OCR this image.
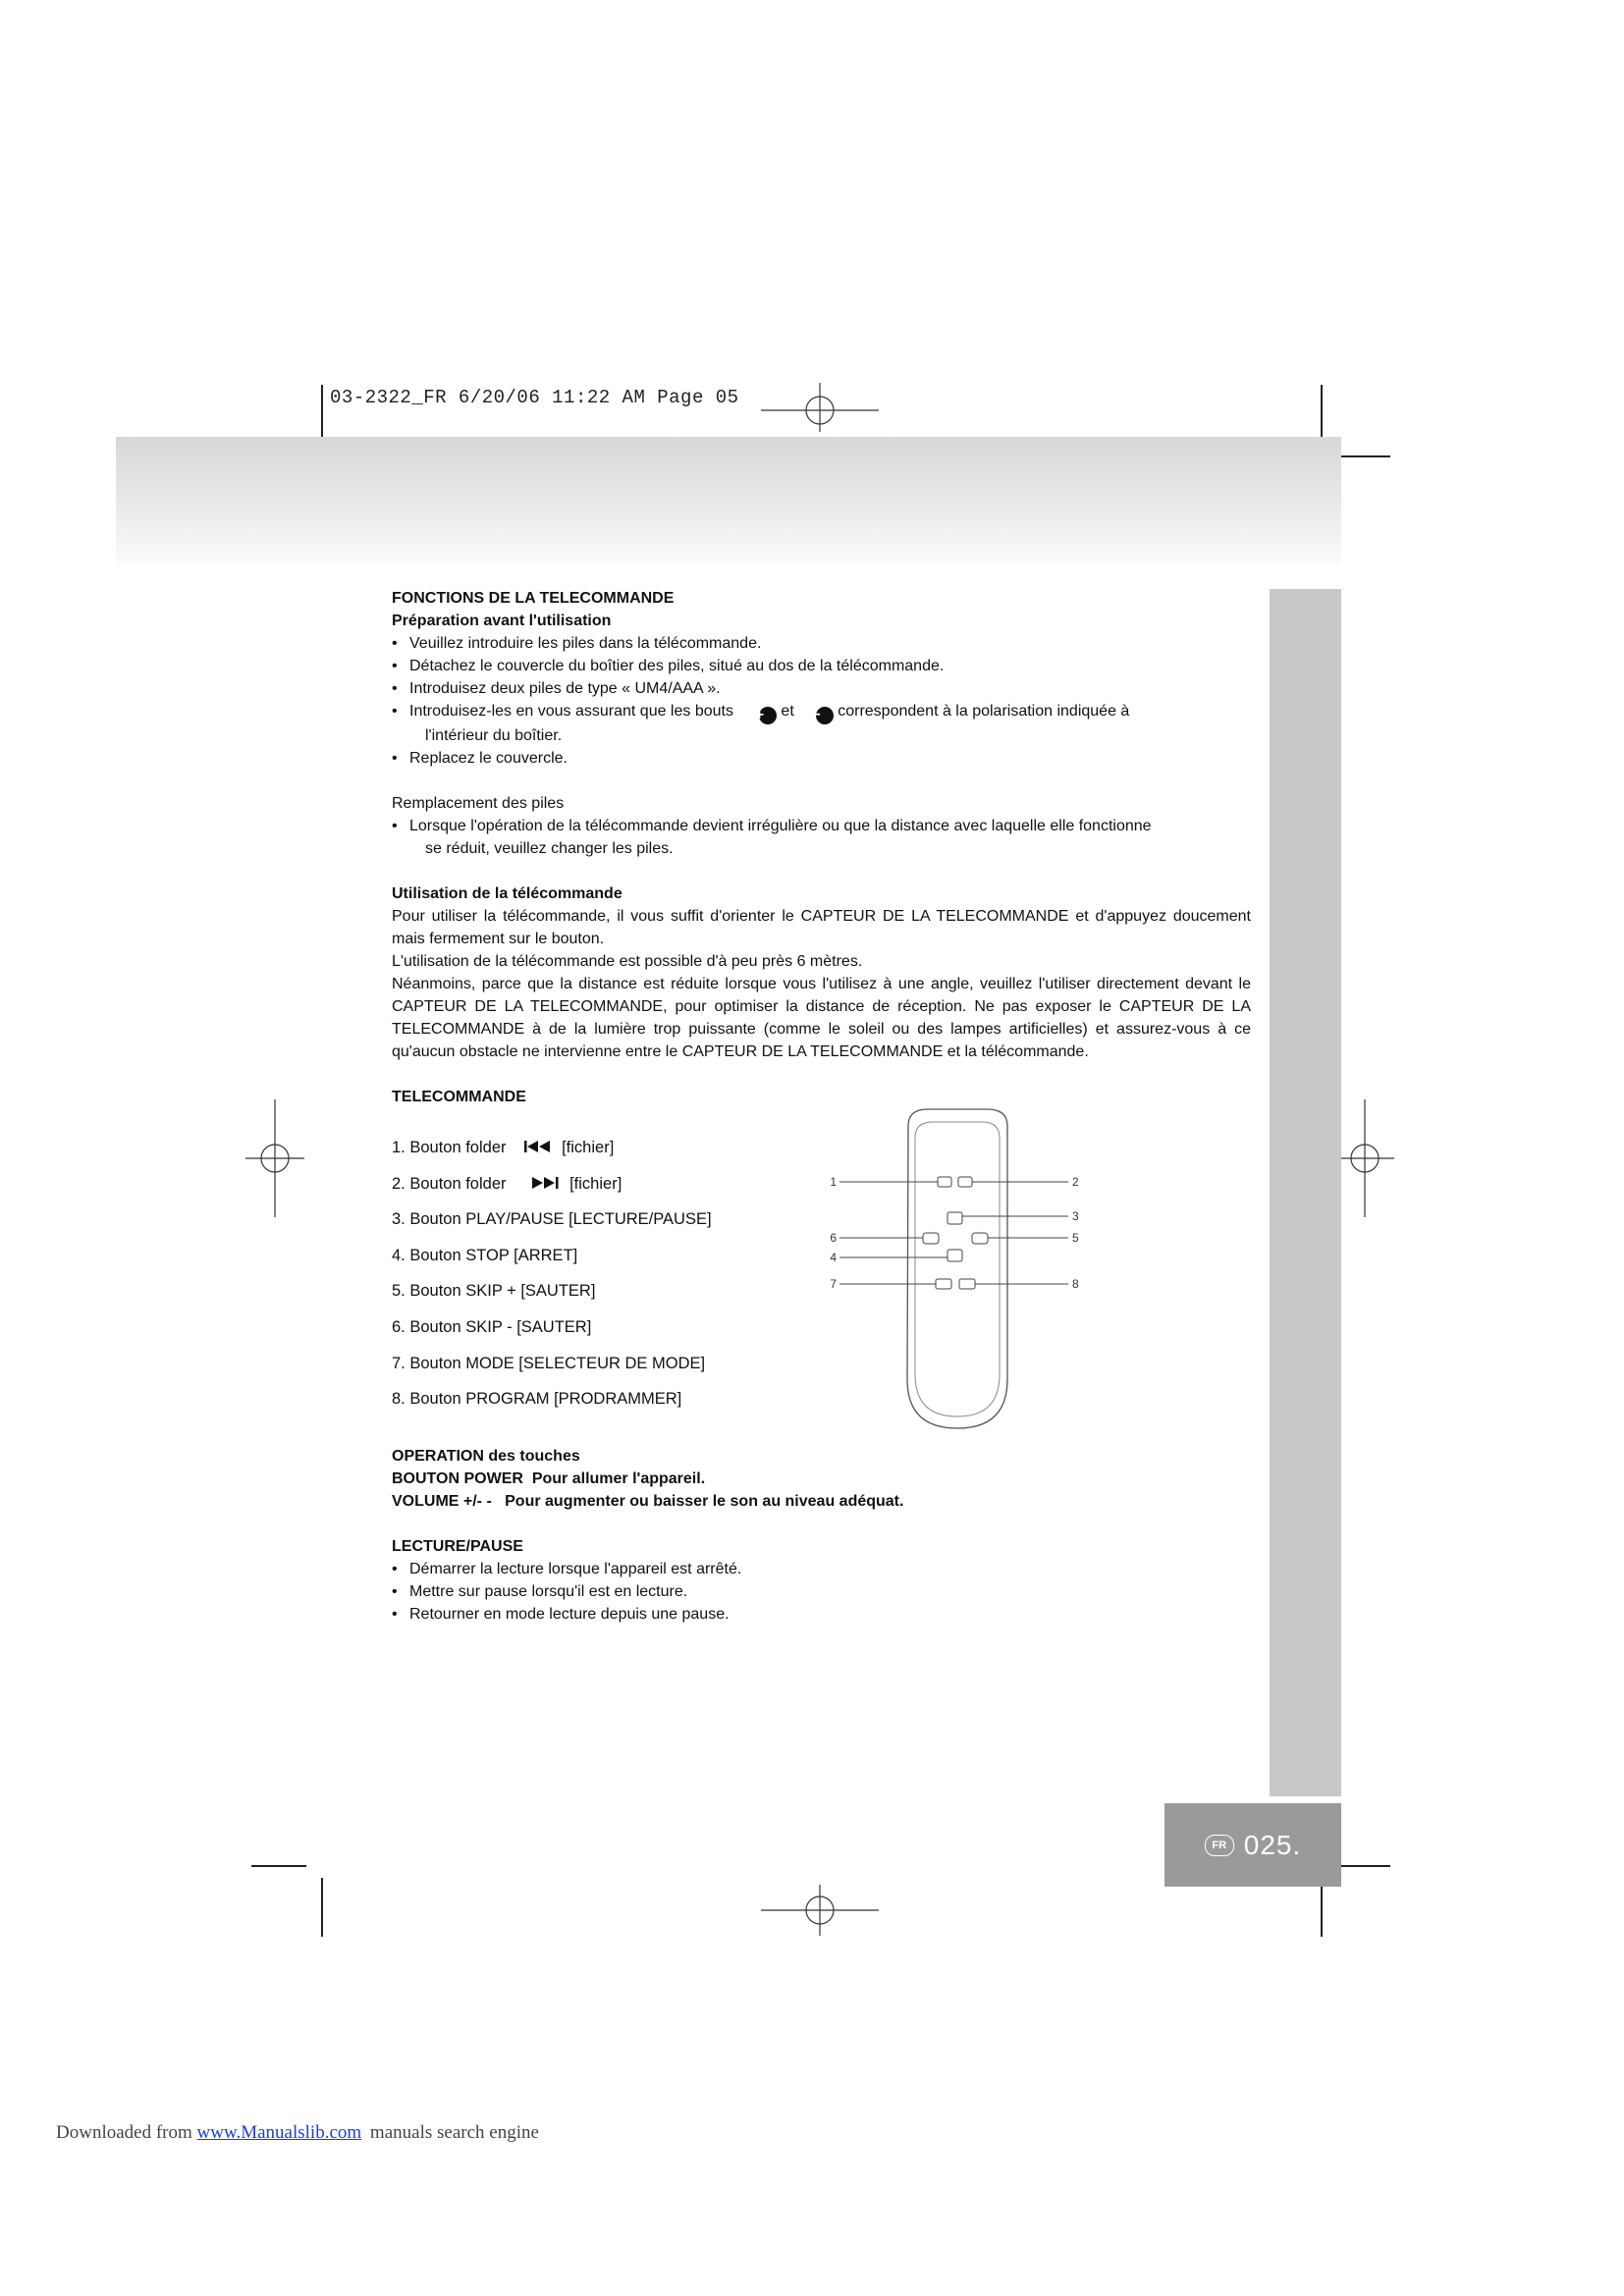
03-2322_FR 6/20/06 11:22 AM Page 05
FR 025.

FONCTIONS DE LA TELECOMMANDE

Préparation avant l'utilisation

• Veuillez introduire les piles dans la télécommande.

• Détachez le couvercle du boîtier des piles, situé au dos de la télécommande.

• Introduisez deux piles de type « UM4/AAA ».

• Introduisez-les en vous assurant que les bouts + et − correspondent à la polarisation indiquée à

l'intérieur du boîtier.

• Replacez le couvercle.

Remplacement des piles

• Lorsque l'opération de la télécommande devient irrégulière ou que la distance avec laquelle elle fonctionne

se réduit, veuillez changer les piles.

Utilisation de la télécommande

Pour utiliser la télécommande, il vous suffit d'orienter le CAPTEUR DE LA TELECOMMANDE et d'appuyez doucement mais fermement sur le bouton.

L'utilisation de la télécommande est possible d'à peu près 6 mètres.

Néanmoins, parce que la distance est réduite lorsque vous l'utilisez à une angle, veuillez l'utiliser directement devant le CAPTEUR DE LA TELECOMMANDE, pour optimiser la distance de réception. Ne pas exposer le CAPTEUR DE LA TELECOMMANDE à de la lumière trop puissante (comme le soleil ou des lampes artificielles) et assurez-vous à ce qu'aucun obstacle ne intervienne entre le CAPTEUR DE LA TELECOMMANDE et la télécommande.

TELECOMMANDE

1. Bouton folder	[fichier]
2. Bouton folder	[fichier]
3. Bouton PLAY/PAUSE [LECTURE/PAUSE]
4. Bouton STOP [ARRET]
5. Bouton SKIP + [SAUTER]
6. Bouton SKIP - [SAUTER]
7. Bouton MODE [SELECTEUR DE MODE]
8. Bouton PROGRAM [PRODRAMMER]
1	2
3
4
5
6
7	8

OPERATION des touches

BOUTON POWER Pour allumer l'appareil.

VOLUME +/- - Pour augmenter ou baisser le son au niveau adéquat.

LECTURE/PAUSE

• Démarrer la lecture lorsque l'appareil est arrêté.

• Mettre sur pause lorsqu'il est en lecture.

• Retourner en mode lecture depuis une pause.

Downloaded from www.Manualslib.com manuals search engine
